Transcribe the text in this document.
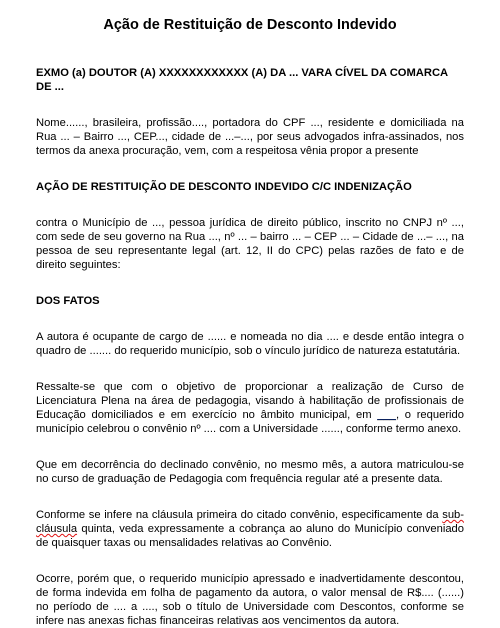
Ação de Restituição de Desconto Indevido

EXMO (a) DOUTOR (A) XXXXXXXXXXXX (A) DA ... VARA CÍVEL DA COMARCA
DE ...

Nome......, brasileira, profissão...., portadora do CPF ..., residente e domiciliada na Rua ... – Bairro ..., CEP..., cidade de ...–..., por seus advogados infra-assinados, nos termos da anexa procuração, vem, com a respeitosa vênia propor a presente

AÇÃO DE RESTITUIÇÃO DE DESCONTO INDEVIDO C/C INDENIZAÇÃO

contra o Município de ..., pessoa jurídica de direito público, inscrito no CNPJ nº ..., com sede de seu governo na Rua ..., nº ... – bairro ... – CEP ... – Cidade de ...– ..., na pessoa de seu representante legal (art. 12, II do CPC) pelas razões de fato e de direito seguintes:

DOS FATOS

A autora é ocupante de cargo de ...... e nomeada no dia .... e desde então integra o quadro de ....... do requerido município, sob o vínculo jurídico de natureza estatutária.

Ressalte-se que com o objetivo de proporcionar a realização de Curso de Licenciatura Plena na área de pedagogia, visando à habilitação de profissionais de Educação domiciliados e em exercício no âmbito municipal, em ___, o requerido município celebrou o convênio nº .... com a Universidade ......, conforme termo anexo.

Que em decorrência do declinado convênio, no mesmo mês, a autora matriculou-se no curso de graduação de Pedagogia com frequência regular até a presente data.

Conforme se infere na cláusula primeira do citado convênio, especificamente da sub-cláusula quinta, veda expressamente a cobrança ao aluno do Município conveniado de quaisquer taxas ou mensalidades relativas ao Convênio.

Ocorre, porém que, o requerido município apressado e inadvertidamente descontou, de forma indevida em folha de pagamento da autora, o valor mensal de R$.... (......) no período de .... a ...., sob o título de Universidade com Descontos, conforme se infere nas anexas fichas financeiras relativas aos vencimentos da autora.
